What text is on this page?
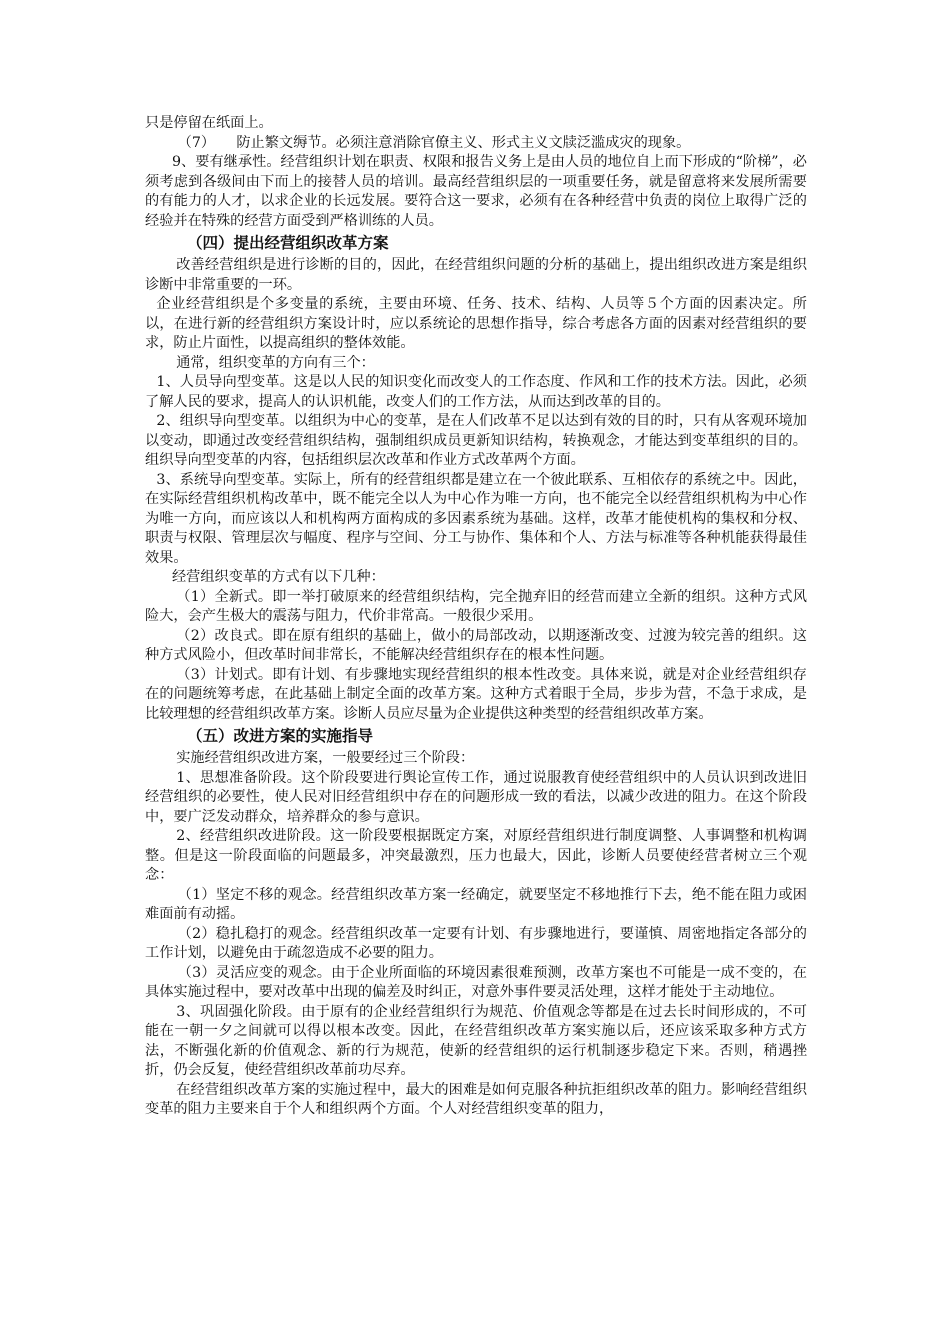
只是停留在纸面上。

（7）　　防止繁文缛节。必须注意消除官僚主义、形式主义文牍泛滥成灾的现象。

9、要有继承性。经营组织计划在职责、权限和报告义务上是由人员的地位自上而下形成的“阶梯”，必须考虑到各级间由下而上的接替人员的培训。最高经营组织层的一项重要任务，就是留意将来发展所需要的有能力的人才，以求企业的长远发展。要符合这一要求，必须有在各种经营中负责的岗位上取得广泛的经验并在特殊的经营方面受到严格训练的人员。

（四）提出经营组织改革方案

改善经营组织是进行诊断的目的，因此，在经营组织问题的分析的基础上，提出组织改进方案是组织诊断中非常重要的一环。

企业经营组织是个多变量的系统，主要由环境、任务、技术、结构、人员等５个方面的因素决定。所以，在进行新的经营组织方案设计时，应以系统论的思想作指导，综合考虑各方面的因素对经营组织的要求，防止片面性，以提高组织的整体效能。

通常，组织变革的方向有三个：

1、人员导向型变革。这是以人民的知识变化而改变人的工作态度、作风和工作的技术方法。因此，必须了解人民的要求，提高人的认识机能，改变人们的工作方法，从而达到改革的目的。

2、组织导向型变革。以组织为中心的变革，是在人们改革不足以达到有效的目的时，只有从客观环境加以变动，即通过改变经营组织结构，强制组织成员更新知识结构，转换观念，才能达到变革组织的目的。组织导向型变革的内容，包括组织层次改革和作业方式改革两个方面。

3、系统导向型变革。实际上，所有的经营组织都是建立在一个彼此联系、互相依存的系统之中。因此，在实际经营组织机构改革中，既不能完全以人为中心作为唯一方向，也不能完全以经营组织机构为中心作为唯一方向，而应该以人和机构两方面构成的多因素系统为基础。这样，改革才能使机构的集权和分权、职责与权限、管理层次与幅度、程序与空间、分工与协作、集体和个人、方法与标准等各种机能获得最佳效果。

经营组织变革的方式有以下几种：

（1）全新式。即一举打破原来的经营组织结构，完全抛弃旧的经营而建立全新的组织。这种方式风险大，会产生极大的震荡与阻力，代价非常高。一般很少采用。

（2）改良式。即在原有组织的基础上，做小的局部改动，以期逐渐改变、过渡为较完善的组织。这种方式风险小，但改革时间非常长，不能解决经营组织存在的根本性问题。

（3）计划式。即有计划、有步骤地实现经营组织的根本性改变。具体来说，就是对企业经营组织存在的问题统筹考虑，在此基础上制定全面的改革方案。这种方式着眼于全局，步步为营，不急于求成，是比较理想的经营组织改革方案。诊断人员应尽量为企业提供这种类型的经营组织改革方案。

（五）改进方案的实施指导

实施经营组织改进方案，一般要经过三个阶段：

1、思想准备阶段。这个阶段要进行舆论宣传工作，通过说服教育使经营组织中的人员认识到改进旧经营组织的必要性，使人民对旧经营组织中存在的问题形成一致的看法，以减少改进的阻力。在这个阶段中，要广泛发动群众，培养群众的参与意识。

2、经营组织改进阶段。这一阶段要根据既定方案，对原经营组织进行制度调整、人事调整和机构调整。但是这一阶段面临的问题最多，冲突最激烈，压力也最大，因此，诊断人员要使经营者树立三个观念：

（1）坚定不移的观念。经营组织改革方案一经确定，就要坚定不移地推行下去，绝不能在阻力或困难面前有动摇。

（2）稳扎稳打的观念。经营组织改革一定要有计划、有步骤地进行，要谨慎、周密地指定各部分的工作计划，以避免由于疏忽造成不必要的阻力。

（3）灵活应变的观念。由于企业所面临的环境因素很难预测，改革方案也不可能是一成不变的，在具体实施过程中，要对改革中出现的偏差及时纠正，对意外事件要灵活处理，这样才能处于主动地位。

3、巩固强化阶段。由于原有的企业经营组织行为规范、价值观念等都是在过去长时间形成的，不可能在一朝一夕之间就可以得以根本改变。因此，在经营组织改革方案实施以后，还应该采取多种方式方法，不断强化新的价值观念、新的行为规范，使新的经营组织的运行机制逐步稳定下来。否则，稍遇挫折，仍会反复，使经营组织改革前功尽弃。

在经营组织改革方案的实施过程中，最大的困难是如何克服各种抗拒组织改革的阻力。影响经营组织变革的阻力主要来自于个人和组织两个方面。个人对经营组织变革的阻力，
